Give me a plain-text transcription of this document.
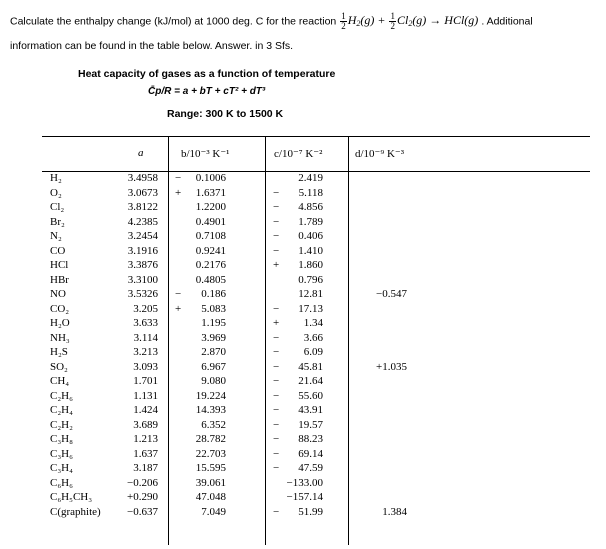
Calculate the enthalpy change (kJ/mol) at 1000 deg. C for the reaction $\frac{1}{2} H_2(g) + \frac{1}{2} Cl_2(g) \to HCl(g)$ . Additional
information can be found in the table below. Answer. in 3 Sfs.
Heat capacity of gases as a function of temperature
C̄p/R = a + bT + cT² + dT³
Range: 300 K to 1500 K
a	b/10⁻³ K⁻¹	c/10⁻⁷ K⁻²	d/10⁻⁹ K⁻³
H₂	3.4958 −	0.1006	2.419
O₂	3.0673 +	1.6371	−	5.118
Cl₂	3.8122	1.2200	−	4.856
Br₂	4.2385	0.4901	−	1.789
N₂	3.2454	0.7108	−	0.406
CO	3.1916	0.9241	−	1.410
HCl	3.3876	0.2176	+	1.860
HBr	3.3100	0.4805	0.796
NO	3.5326 −	0.186	12.81	−0.547
CO₂	3.205 +	5.083	−	17.13
H₂O	3.633	1.195	+	1.34
NH₃	3.114	3.969	−	3.66
H₂S	3.213	2.870	−	6.09
SO₂	3.093	6.967	−	45.81	+1.035
CH₄	1.701	9.080	−	21.64
C₂H₆	1.131	19.224	−	55.60
C₂H₄	1.424	14.393	−	43.91
C₂H₂	3.689	6.352	−	19.57
C₃H₈	1.213	28.782	−	88.23
C₃H₆	1.637	22.703	−	69.14
C₃H₄	3.187	15.595	−	47.59
C₆H₆	−0.206	39.061	−133.00
C₆H₅CH₃	+0.290	47.048	−157.14
C(graphite)	−0.637	7.049	−	51.99	1.384
